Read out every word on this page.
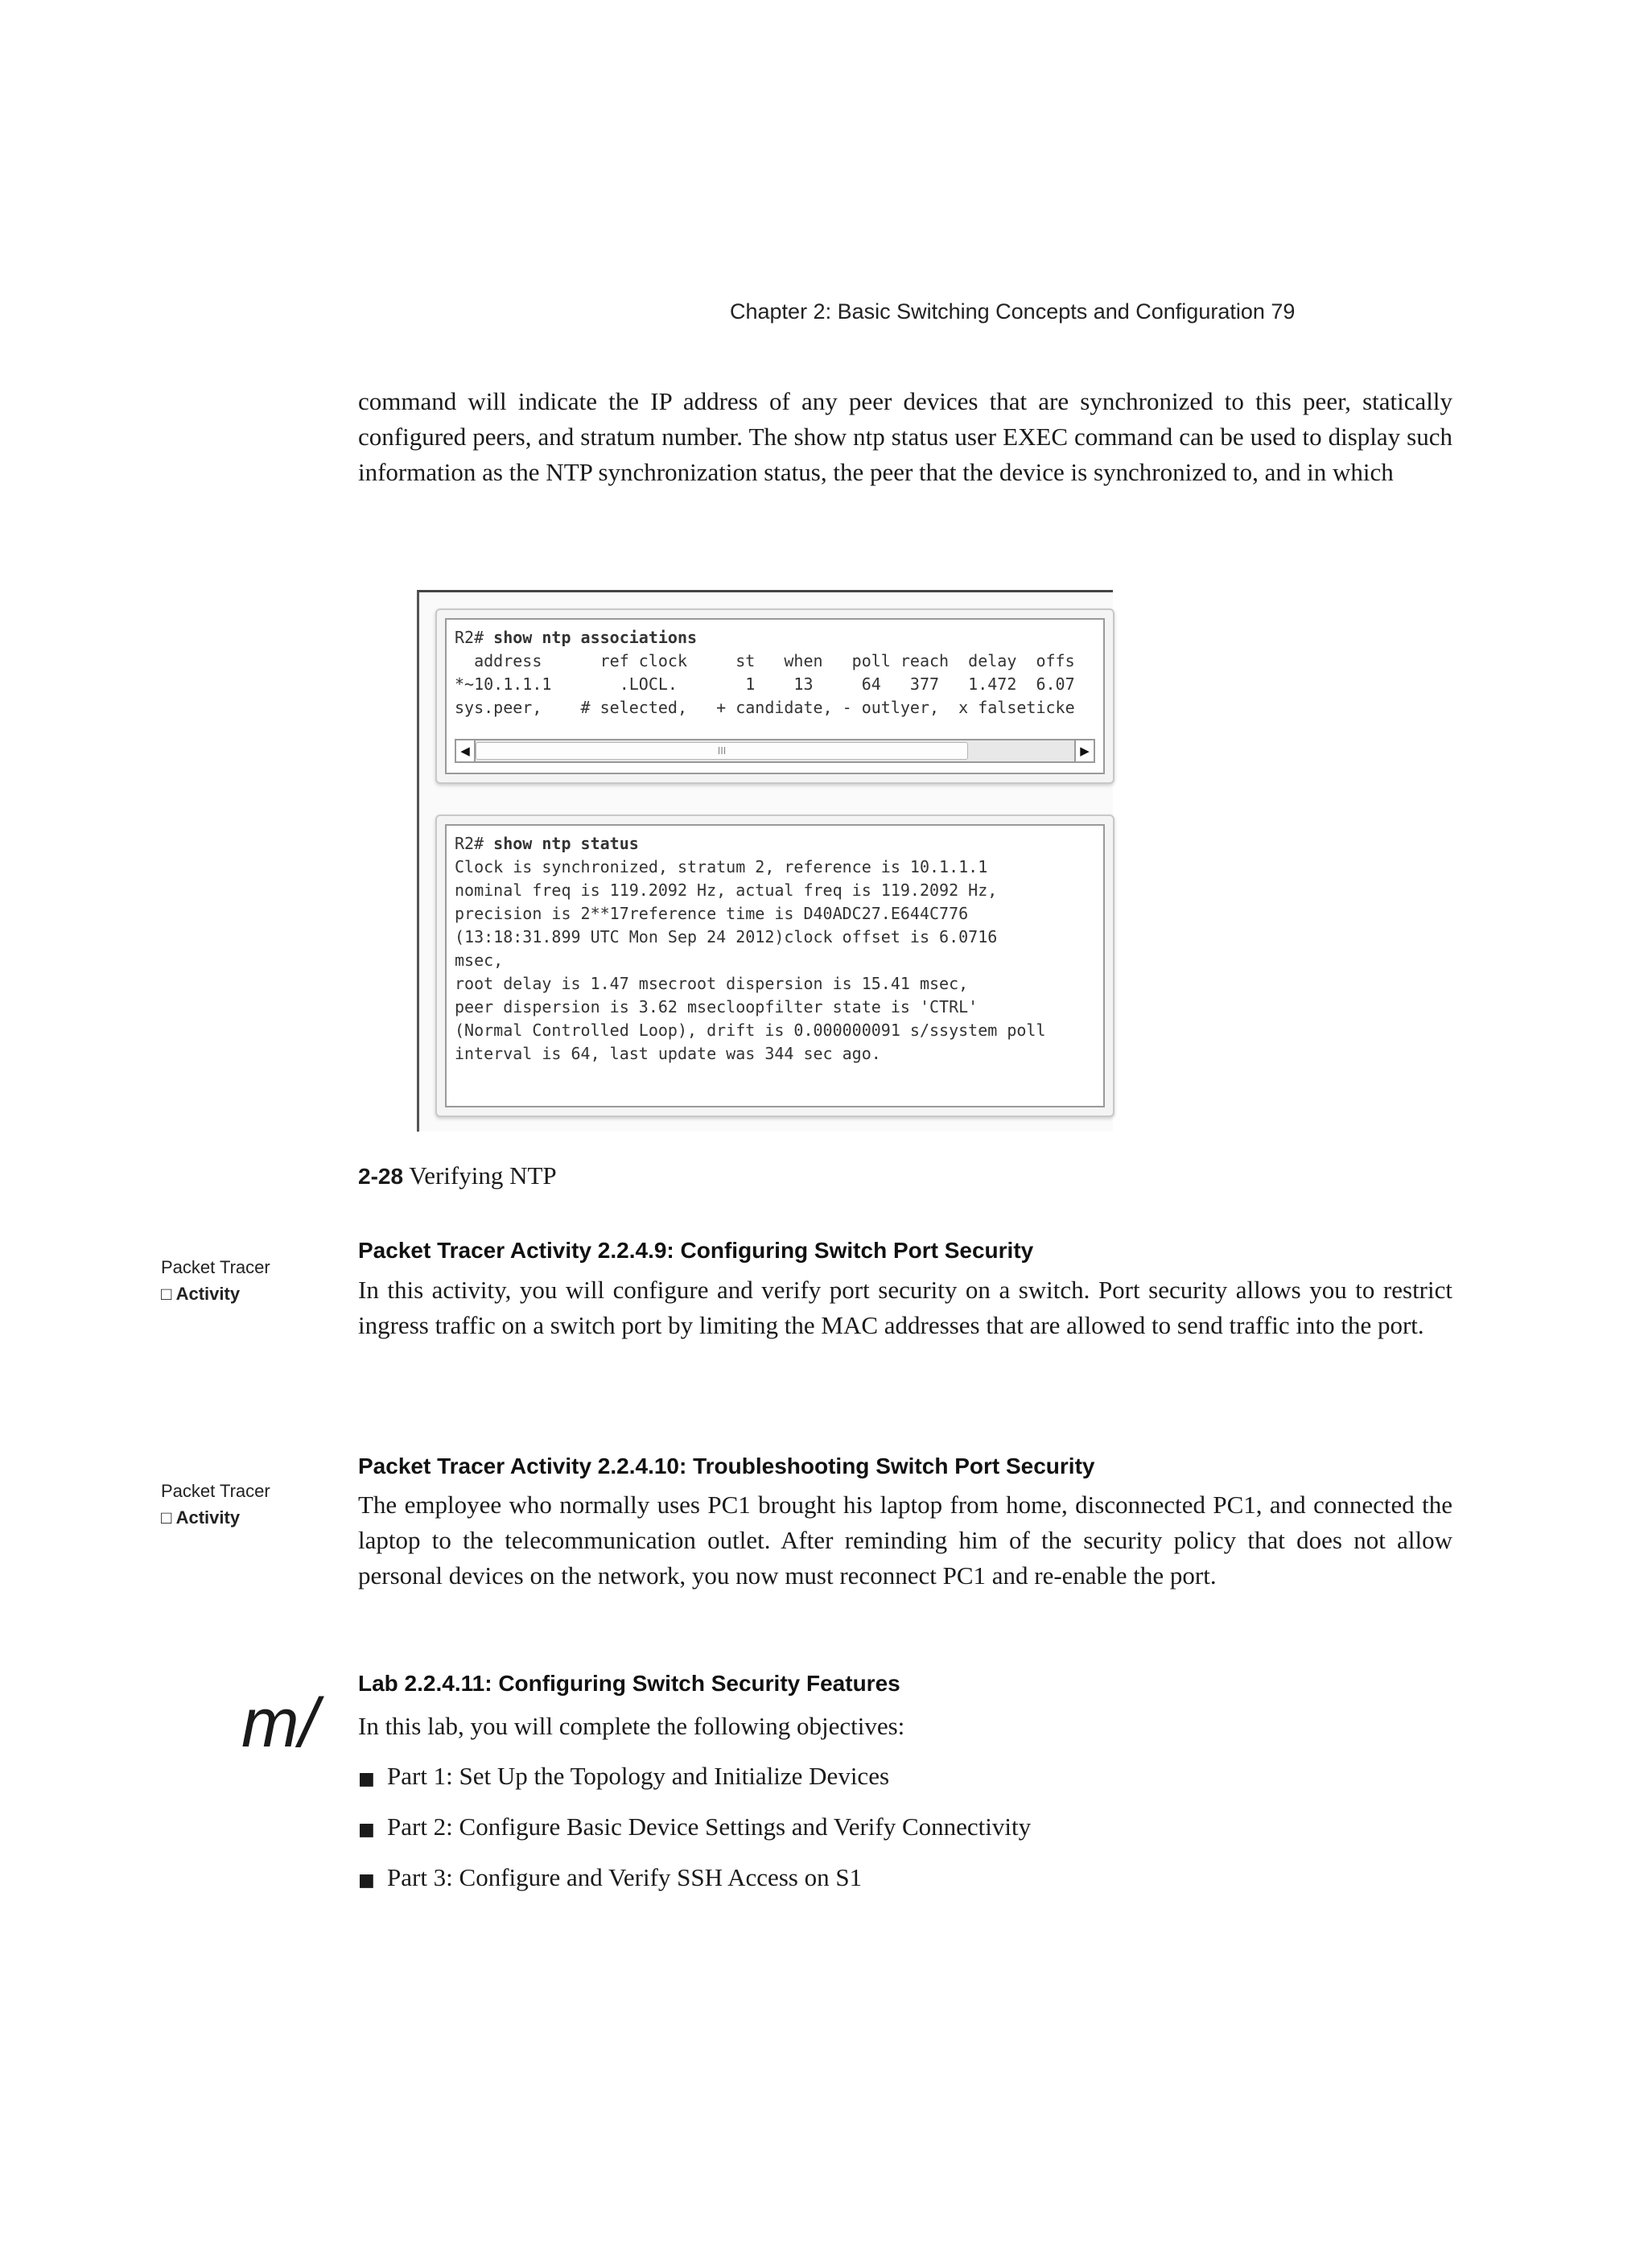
Chapter 2: Basic Switching Concepts and Configuration 79
command will indicate the IP address of any peer devices that are synchronized to this peer, statically configured peers, and stratum number. The show ntp status user EXEC command can be used to display such information as the NTP synchronization status, the peer that the device is synchronized to, and in which
R2# show ntp associations
address      ref clock     st   when   poll reach  delay  offs
*~10.1.1.1       .LOCL.       1    13     64   377   1.472  6.07
sys.peer,    # selected,   + candidate, - outlyer,  x falseticke
◀	III	▶
R2# show ntp status
Clock is synchronized, stratum 2, reference is 10.1.1.1
nominal freq is 119.2092 Hz, actual freq is 119.2092 Hz,
precision is 2**17reference time is D40ADC27.E644C776
(13:18:31.899 UTC Mon Sep 24 2012)clock offset is 6.0716
msec,
root delay is 1.47 msecroot dispersion is 15.41 msec,
peer dispersion is 3.62 msecloopfilter state is 'CTRL'
(Normal Controlled Loop), drift is 0.000000091 s/ssystem poll
interval is 64, last update was 344 sec ago.
2-28 Verifying NTP
Packet Tracer
□ Activity
Packet Tracer Activity 2.2.4.9: Configuring Switch Port Security
In this activity, you will configure and verify port security on a switch. Port security allows you to restrict ingress traffic on a switch port by limiting the MAC addresses that are allowed to send traffic into the port.
Packet Tracer
□ Activity
Packet Tracer Activity 2.2.4.10: Troubleshooting Switch Port Security
The employee who normally uses PC1 brought his laptop from home, disconnected PC1, and connected the laptop to the telecommunication outlet. After reminding him of the security policy that does not allow personal devices on the network, you now must reconnect PC1 and re-enable the port.
m/
Lab 2.2.4.11: Configuring Switch Security Features
In this lab, you will complete the following objectives:
■ Part 1: Set Up the Topology and Initialize Devices
■ Part 2: Configure Basic Device Settings and Verify Connectivity
■ Part 3: Configure and Verify SSH Access on S1
